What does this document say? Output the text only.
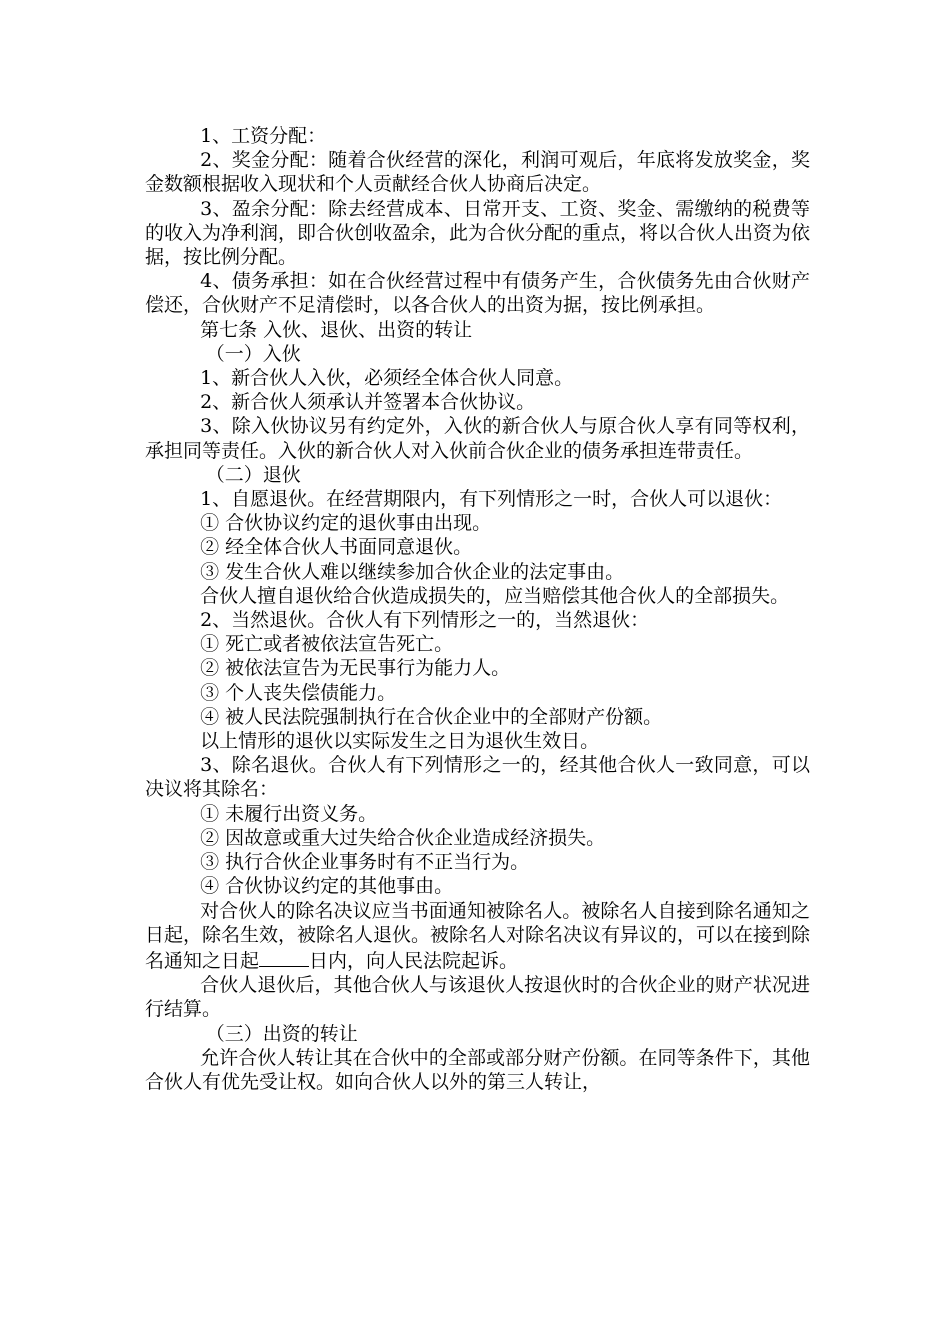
1、工资分配：

2、奖金分配：随着合伙经营的深化，利润可观后，年底将发放奖金，奖金数额根据收入现状和个人贡献经合伙人协商后决定。

3、盈余分配：除去经营成本、日常开支、工资、奖金、需缴纳的税费等的收入为净利润，即合伙创收盈余，此为合伙分配的重点，将以合伙人出资为依据，按比例分配。

4、债务承担：如在合伙经营过程中有债务产生，合伙债务先由合伙财产偿还，合伙财产不足清偿时，以各合伙人的出资为据，按比例承担。

第七条 入伙、退伙、出资的转让

（一）入伙

1、新合伙人入伙，必须经全体合伙人同意。

2、新合伙人须承认并签署本合伙协议。

3、除入伙协议另有约定外，入伙的新合伙人与原合伙人享有同等权利，承担同等责任。入伙的新合伙人对入伙前合伙企业的债务承担连带责任。

（二）退伙

1、自愿退伙。在经营期限内，有下列情形之一时，合伙人可以退伙：

① 合伙协议约定的退伙事由出现。

② 经全体合伙人书面同意退伙。

③ 发生合伙人难以继续参加合伙企业的法定事由。

合伙人擅自退伙给合伙造成损失的，应当赔偿其他合伙人的全部损失。

2、当然退伙。合伙人有下列情形之一的，当然退伙：

① 死亡或者被依法宣告死亡。

② 被依法宣告为无民事行为能力人。

③ 个人丧失偿债能力。

④ 被人民法院强制执行在合伙企业中的全部财产份额。

以上情形的退伙以实际发生之日为退伙生效日。

3、除名退伙。合伙人有下列情形之一的，经其他合伙人一致同意，可以决议将其除名：

① 未履行出资义务。

② 因故意或重大过失给合伙企业造成经济损失。

③ 执行合伙企业事务时有不正当行为。

④ 合伙协议约定的其他事由。

对合伙人的除名决议应当书面通知被除名人。被除名人自接到除名通知之日起，除名生效，被除名人退伙。被除名人对除名决议有异议的，可以在接到除名通知之日起	日内，向人民法院起诉。

合伙人退伙后，其他合伙人与该退伙人按退伙时的合伙企业的财产状况进行结算。

（三）出资的转让

允许合伙人转让其在合伙中的全部或部分财产份额。在同等条件下，其他合伙人有优先受让权。如向合伙人以外的第三人转让，
